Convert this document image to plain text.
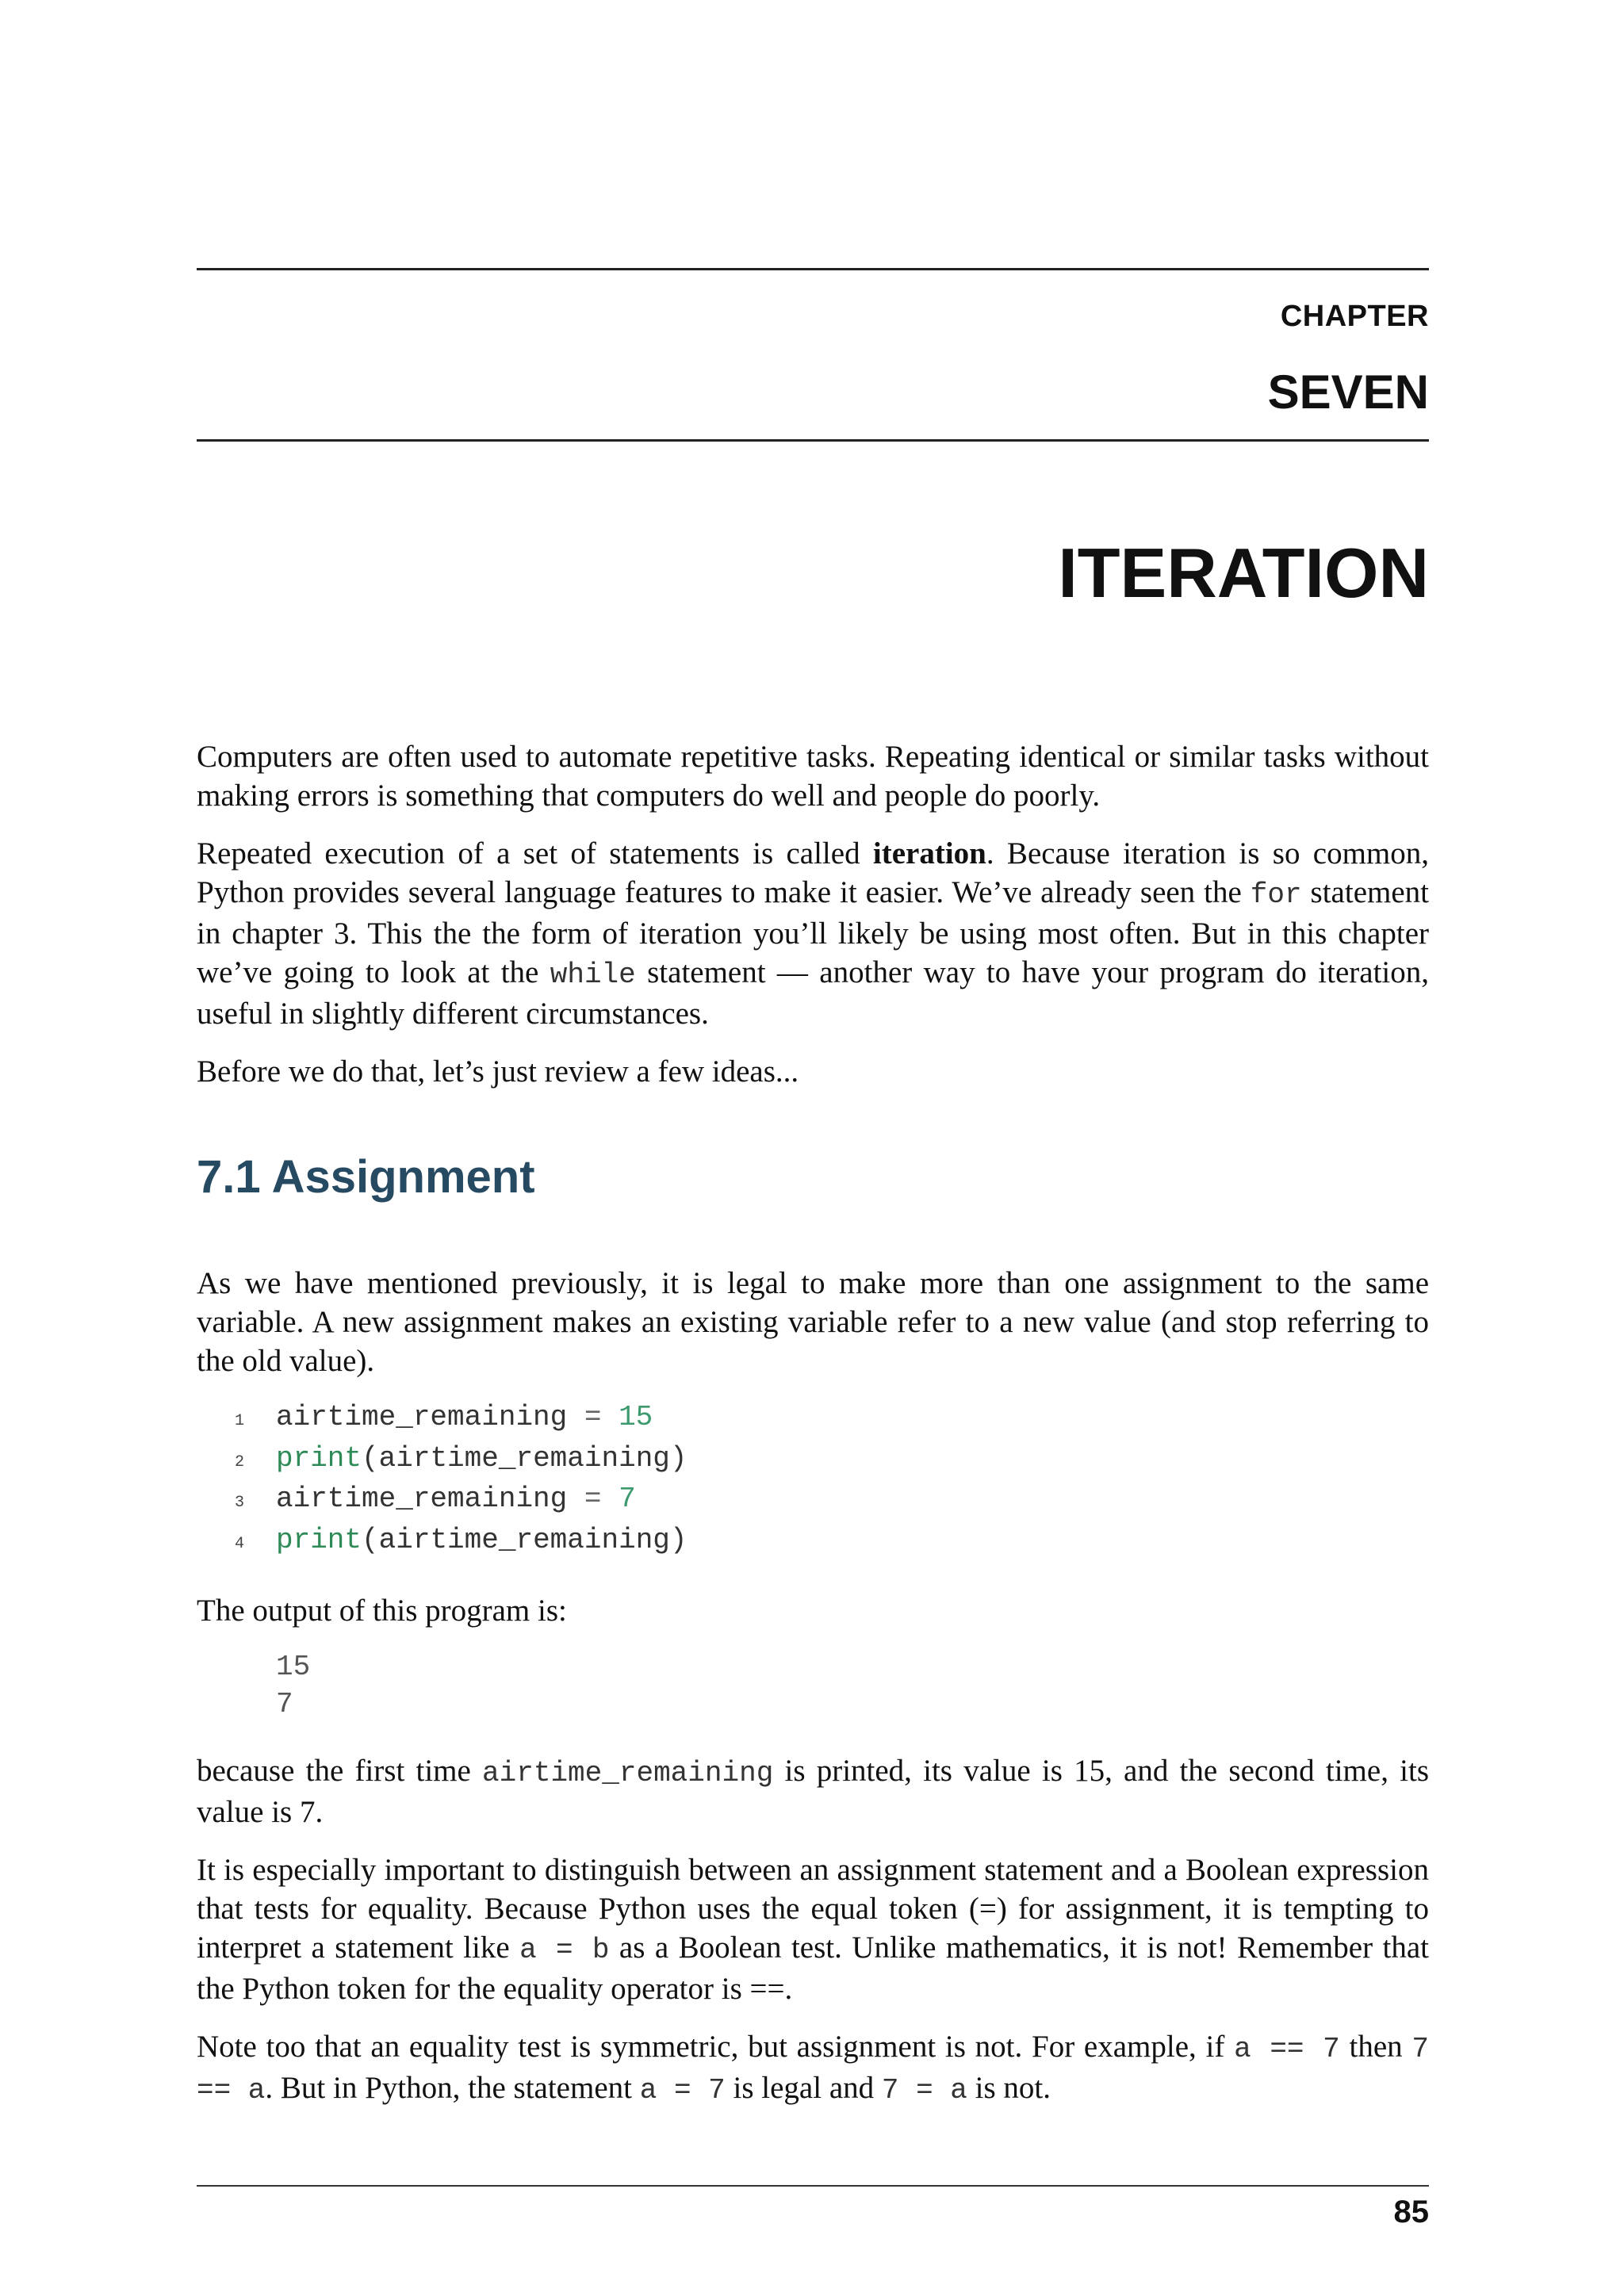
CHAPTER
SEVEN
ITERATION

Computers are often used to automate repetitive tasks. Repeating identical or similar tasks without making errors is something that computers do well and people do poorly.

Repeated execution of a set of statements is called iteration. Because iteration is so common, Python provides several language features to make it easier. We’ve already seen the for statement in chapter 3. This the the form of iteration you’ll likely be using most often. But in this chapter we’ve going to look at the while statement — another way to have your program do iteration, useful in slightly different circumstances.

Before we do that, let’s just review a few ideas...

7.1 Assignment

As we have mentioned previously, it is legal to make more than one assignment to the same variable. A new assignment makes an existing variable refer to a new value (and stop referring to the old value).

1 airtime_remaining = 15
2 print(airtime_remaining)
3 airtime_remaining = 7
4 print(airtime_remaining)

The output of this program is:

15
7

because the first time airtime_remaining is printed, its value is 15, and the second time, its value is 7.

It is especially important to distinguish between an assignment statement and a Boolean expression that tests for equality. Because Python uses the equal token (=) for assignment, it is tempting to interpret a statement like a = b as a Boolean test. Unlike mathematics, it is not! Remember that the Python token for the equality operator is ==.

Note too that an equality test is symmetric, but assignment is not. For example, if a == 7 then 7 == a. But in Python, the statement a = 7 is legal and 7 = a is not.

85
